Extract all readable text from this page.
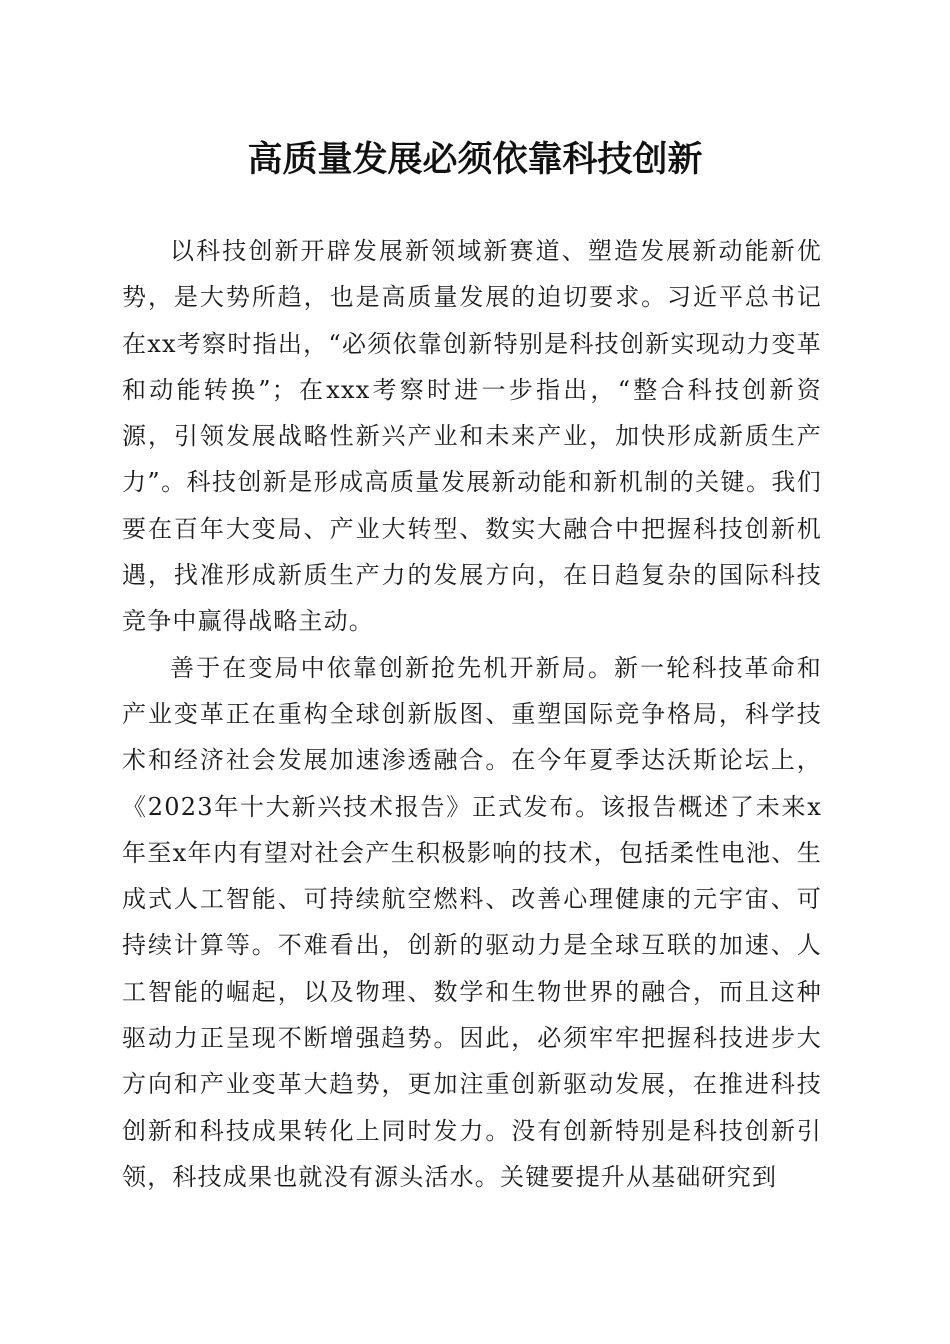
高质量发展必须依靠科技创新

以科技创新开辟发展新领域新赛道、塑造发展新动能新优势，是大势所趋，也是高质量发展的迫切要求。习近平总书记在xx考察时指出，“必须依靠创新特别是科技创新实现动力变革和动能转换”；在xxx考察时进一步指出，“整合科技创新资源，引领发展战略性新兴产业和未来产业，加快形成新质生产力”。科技创新是形成高质量发展新动能和新机制的关键。我们要在百年大变局、产业大转型、数实大融合中把握科技创新机遇，找准形成新质生产力的发展方向，在日趋复杂的国际科技竞争中赢得战略主动。

善于在变局中依靠创新抢先机开新局。新一轮科技革命和产业变革正在重构全球创新版图、重塑国际竞争格局，科学技术和经济社会发展加速渗透融合。在今年夏季达沃斯论坛上，《2023年十大新兴技术报告》正式发布。该报告概述了未来x年至x年内有望对社会产生积极影响的技术，包括柔性电池、生成式人工智能、可持续航空燃料、改善心理健康的元宇宙、可持续计算等。不难看出，创新的驱动力是全球互联的加速、人工智能的崛起，以及物理、数学和生物世界的融合，而且这种驱动力正呈现不断增强趋势。因此，必须牢牢把握科技进步大方向和产业变革大趋势，更加注重创新驱动发展，在推进科技创新和科技成果转化上同时发力。没有创新特别是科技创新引领，科技成果也就没有源头活水。关键要提升从基础研究到
